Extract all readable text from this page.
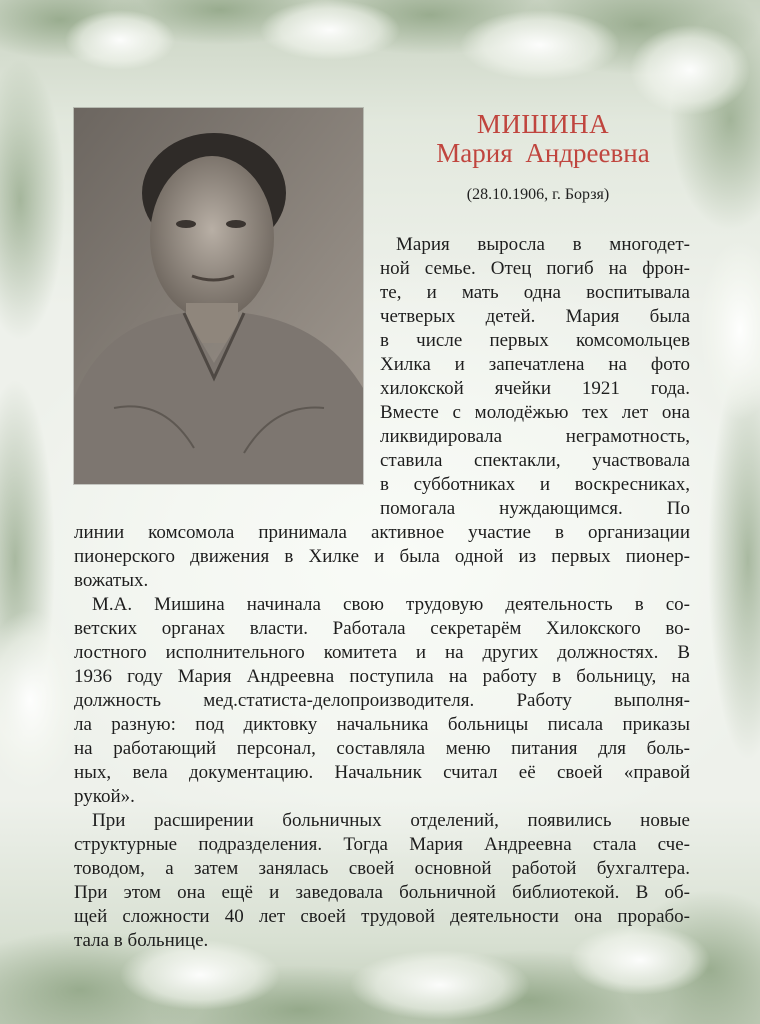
МИШИНА
Мария Андреевна
(28.10.1906, г. Борзя)
Мария выросла в многодет-
ной семье. Отец погиб на фрон-
те, и мать одна воспитывала
четверых детей. Мария была
в числе первых комсомольцев
Хилка и запечатлена на фото
хилокской ячейки 1921 года.
Вместе с молодёжью тех лет она
ликвидировала неграмотность,
ставила спектакли, участвовала
в субботниках и воскресниках,
помогала нуждающимся. По
линии комсомола принимала активное участие в организации
пионерского движения в Хилке и была одной из первых пионер-
вожатых.
М.А. Мишина начинала свою трудовую деятельность в со-
ветских органах власти. Работала секретарём Хилокского во-
лостного исполнительного комитета и на других должностях. В
1936 году Мария Андреевна поступила на работу в больницу, на
должность мед.статиста-делопроизводителя. Работу выполня-
ла разную: под диктовку начальника больницы писала приказы
на работающий персонал, составляла меню питания для боль-
ных, вела документацию. Начальник считал её своей «правой
рукой».
При расширении больничных отделений, появились новые
структурные подразделения. Тогда Мария Андреевна стала сче-
товодом, а затем занялась своей основной работой бухгалтера.
При этом она ещё и заведовала больничной библиотекой. В об-
щей сложности 40 лет своей трудовой деятельности она прорабо-
тала в больнице.
